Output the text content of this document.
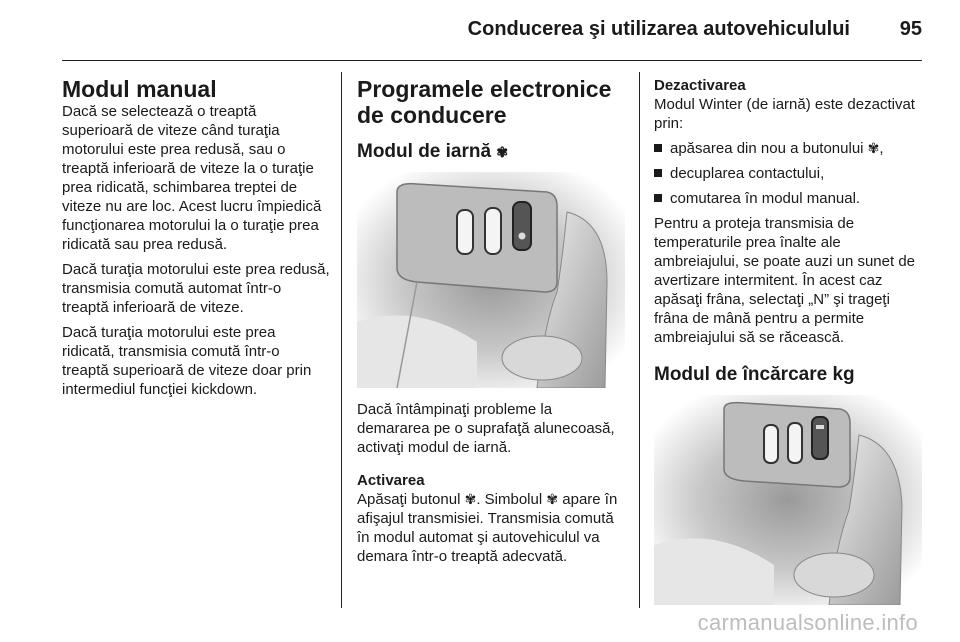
Conducerea şi utilizarea autovehiculului 95
Modul manual

Dacă se selectează o treaptă superioară de viteze când turaţia motorului este prea redusă, sau o treaptă inferioară de viteze la o turaţie prea ridicată, schimbarea treptei de viteze nu are loc. Acest lucru împiedică funcţionarea motorului la o turaţie prea ridicată sau prea redusă.

Dacă turaţia motorului este prea redusă, transmisia comută automat într-o treaptă inferioară de viteze.

Dacă turaţia motorului este prea ridicată, transmisia comută într-o treaptă superioară de viteze doar prin intermediul funcţiei kickdown.

Programele electronice de conducere
Modul de iarnă ✾

Dacă întâmpinaţi probleme la demararea pe o suprafaţă alunecoasă, activaţi modul de iarnă.

Activarea

Apăsaţi butonul ✾. Simbolul ✾ apare în afişajul transmisiei. Transmisia comută în modul automat şi autovehiculul va demara într-o treaptă adecvată.

Dezactivarea

Modul Winter (de iarnă) este dezactivat prin:

apăsarea din nou a butonului ✾,
decuplarea contactului,
comutarea în modul manual.

Pentru a proteja transmisia de temperaturile prea înalte ale ambreiajului, se poate auzi un sunet de avertizare intermitent. În acest caz apăsaţi frâna, selectaţi „N” şi trageţi frâna de mână pentru a permite ambreiajului să se răcească.

Modul de încărcare kg
carmanualsonline.info
